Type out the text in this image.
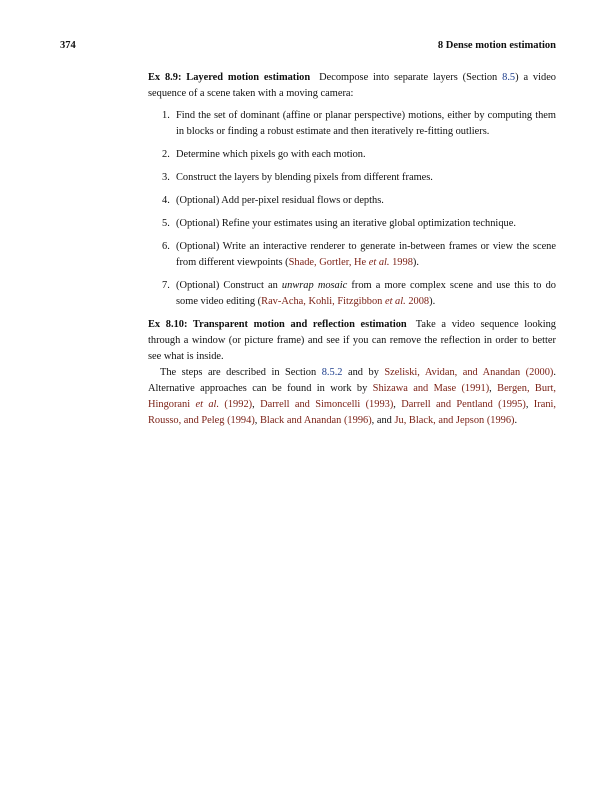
374	8 Dense motion estimation

Ex 8.9: Layered motion estimation Decompose into separate layers (Section 8.5) a video sequence of a scene taken with a moving camera:

1. Find the set of dominant (affine or planar perspective) motions, either by computing them in blocks or finding a robust estimate and then iteratively re-fitting outliers.
2. Determine which pixels go with each motion.
3. Construct the layers by blending pixels from different frames.
4. (Optional) Add per-pixel residual flows or depths.
5. (Optional) Refine your estimates using an iterative global optimization technique.
6. (Optional) Write an interactive renderer to generate in-between frames or view the scene from different viewpoints (Shade, Gortler, He et al. 1998).
7. (Optional) Construct an unwrap mosaic from a more complex scene and use this to do some video editing (Rav-Acha, Kohli, Fitzgibbon et al. 2008).

Ex 8.10: Transparent motion and reflection estimation Take a video sequence looking through a window (or picture frame) and see if you can remove the reflection in order to better see what is inside.

The steps are described in Section 8.5.2 and by Szeliski, Avidan, and Anandan (2000). Alternative approaches can be found in work by Shizawa and Mase (1991), Bergen, Burt, Hingorani et al. (1992), Darrell and Simoncelli (1993), Darrell and Pentland (1995), Irani, Rousso, and Peleg (1994), Black and Anandan (1996), and Ju, Black, and Jepson (1996).
